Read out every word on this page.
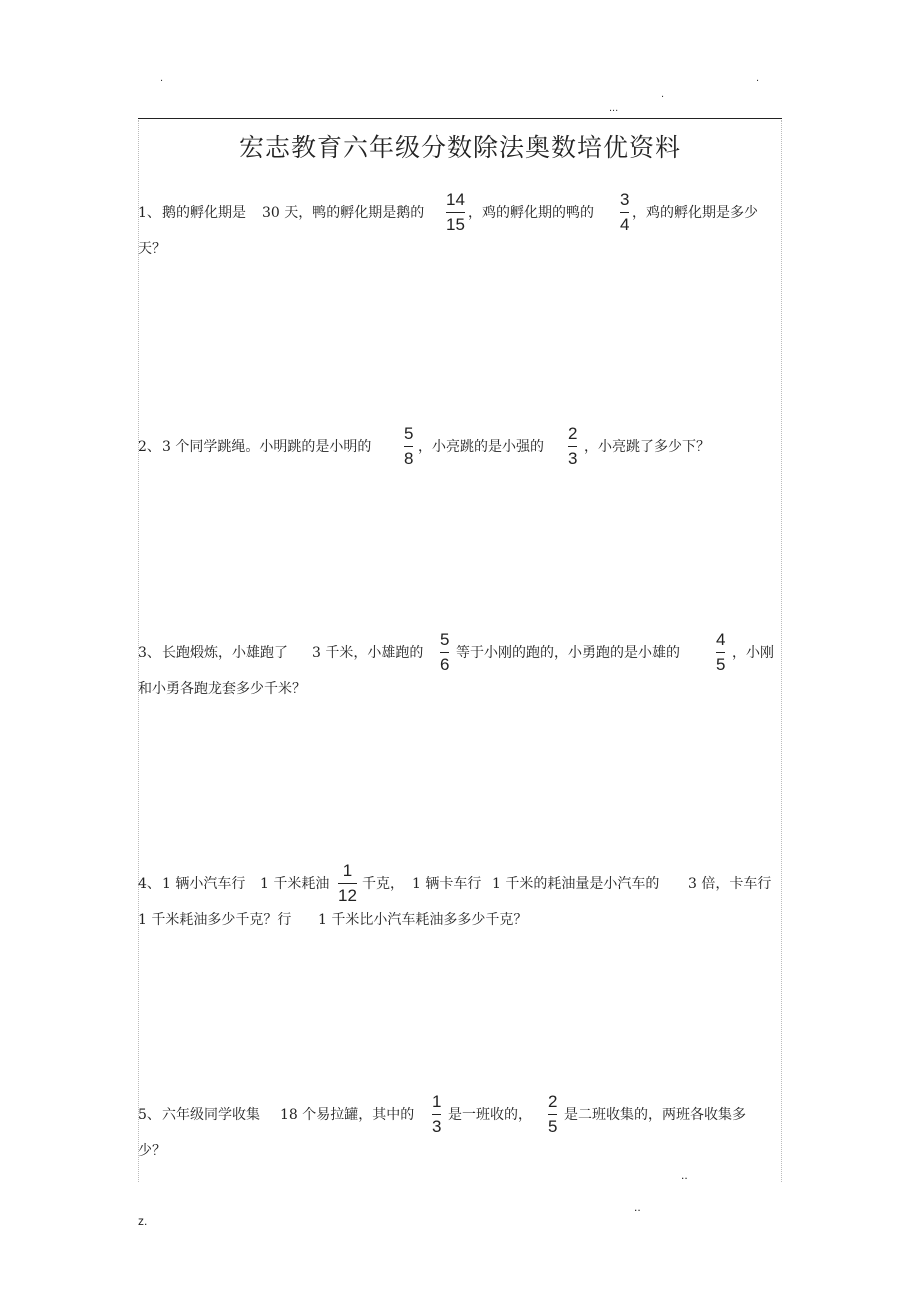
.	.
.
...
宏志教育六年级分数除法奥数培优资料
1、 鹅的孵化期是 30 天，鸭的孵化期是鹅的
14
15
，鸡的孵化期的鸭的
3
4
，鸡的孵化期是多少
天？
2、 3 个同学跳绳。小明跳的是小明的
5
8
，小亮跳的是小强的
2
3
，小亮跳了多少下？
3、 长跑煅炼，小雄跑了 3 千米，小雄跑的
5
6
等于小刚的跑的，小勇跑的是小雄的
4
5
，小刚
和小勇各跑龙套多少千米？
4、 1 辆小汽车行 1 千米耗油
1
12
千克， 1 辆卡车行 1 千米的耗油量是小汽车的 3 倍，卡车行
1 千米耗油多少千克？行 1 千米比小汽车耗油多多少千克？
5、 六年级同学收集 18 个易拉罐，其中的
1
3
是一班收的，
2
5
是二班收集的，两班各收集多
少？
..
..
z.
